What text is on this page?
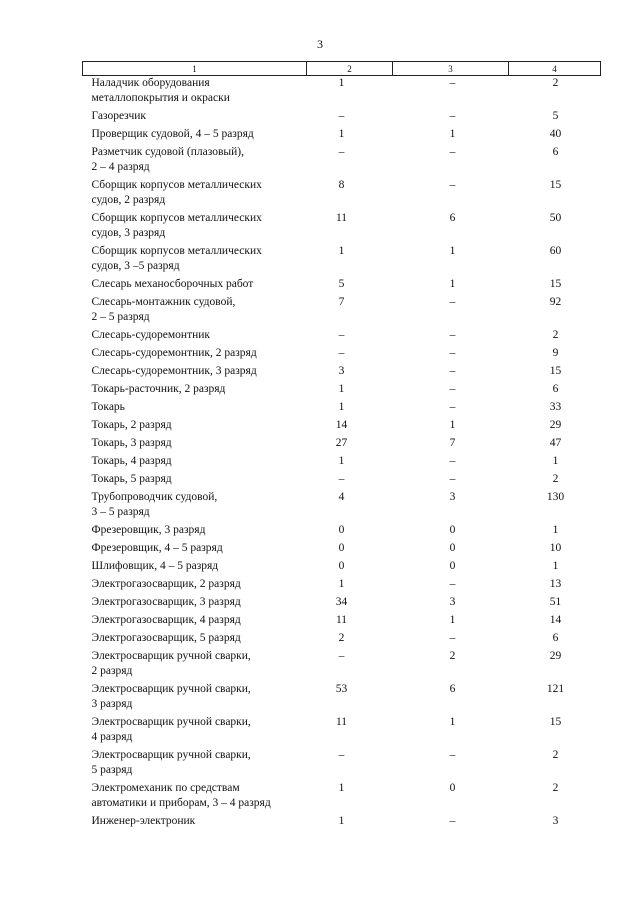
3
1	2	3	4
Наладчик оборудования
металлопокрытия и окраски	1	–	2
Газорезчик	–	–	5
Проверщик судовой, 4 – 5 разряд	1	1	40
Разметчик судовой (плазовый),
2 – 4 разряд	–	–	6
Сборщик корпусов металлических
судов, 2 разряд	8	–	15
Сборщик корпусов металлических
судов, 3 разряд	11	6	50
Сборщик корпусов металлических
судов, 3 –5 разряд	1	1	60
Слесарь механосборочных работ	5	1	15
Слесарь-монтажник судовой,
2 – 5 разряд	7	–	92
Слесарь-судоремонтник	–	–	2
Слесарь-судоремонтник, 2 разряд	–	–	9
Слесарь-судоремонтник, 3 разряд	3	–	15
Токарь-расточник, 2 разряд	1	–	6
Токарь	1	–	33
Токарь, 2 разряд	14	1	29
Токарь, 3 разряд	27	7	47
Токарь, 4 разряд	1	–	1
Токарь, 5 разряд	–	–	2
Трубопроводчик судовой,
3 – 5 разряд	4	3	130
Фрезеровщик, 3 разряд	0	0	1
Фрезеровщик, 4 – 5 разряд	0	0	10
Шлифовщик, 4 – 5 разряд	0	0	1
Электрогазосварщик, 2 разряд	1	–	13
Электрогазосварщик, 3 разряд	34	3	51
Электрогазосварщик, 4 разряд	11	1	14
Электрогазосварщик, 5 разряд	2	–	6
Электросварщик ручной сварки,
2 разряд	–	2	29
Электросварщик ручной сварки,
3 разряд	53	6	121
Электросварщик ручной сварки,
4 разряд	11	1	15
Электросварщик ручной сварки,
5 разряд	–	–	2
Электромеханик по средствам
автоматики и приборам, 3 – 4 разряд	1	0	2
Инженер-электроник	1	–	3
